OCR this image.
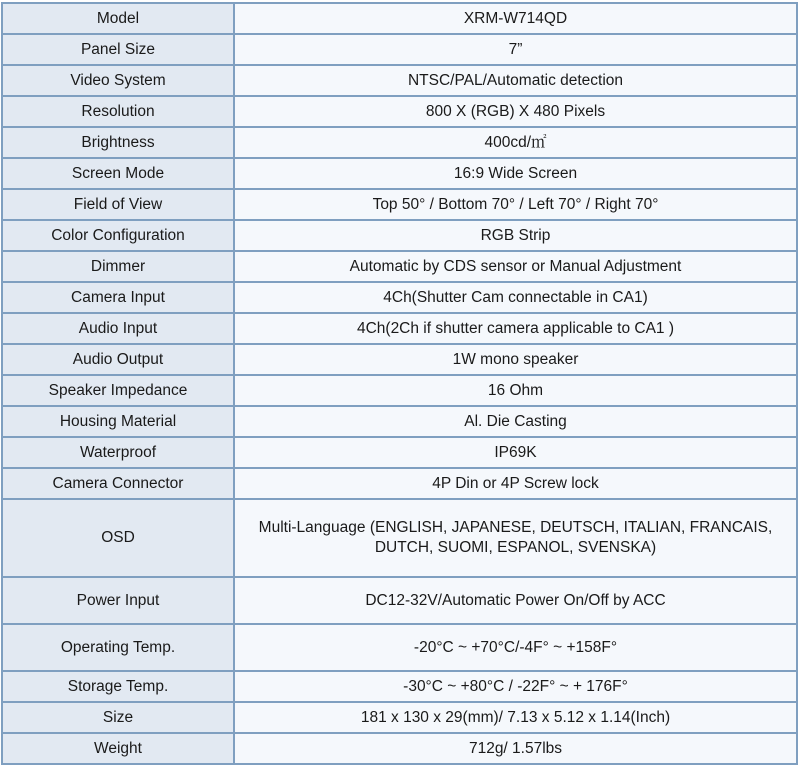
Model	XRM-W714QD
Panel Size	7”
Video System	NTSC/PAL/Automatic detection
Resolution	800 X (RGB) X 480 Pixels
Brightness	400cd/㎡
Screen Mode	16:9 Wide Screen
Field of View	Top 50° / Bottom 70° / Left 70° / Right 70°
Color Configuration	RGB Strip
Dimmer	Automatic by CDS sensor or Manual Adjustment
Camera Input	4Ch(Shutter Cam connectable in CA1)
Audio Input	4Ch(2Ch if shutter camera applicable to CA1 )
Audio Output	1W mono speaker
Speaker Impedance	16 Ohm
Housing Material	Al. Die Casting
Waterproof	IP69K
Camera Connector	4P Din or 4P Screw lock
OSD	Multi-Language (ENGLISH, JAPANESE, DEUTSCH, ITALIAN, FRANCAIS,
DUTCH, SUOMI, ESPANOL, SVENSKA)

Power Input	DC12-32V/Automatic Power On/Off by ACC
Operating Temp.	-20°C ~ +70°C/-4F° ~ +158F°
Storage Temp.	-30°C ~ +80°C / -22F° ~ + 176F°
Size	181 x 130 x 29(mm)/ 7.13 x 5.12 x 1.14(Inch)
Weight	712g/ 1.57lbs
